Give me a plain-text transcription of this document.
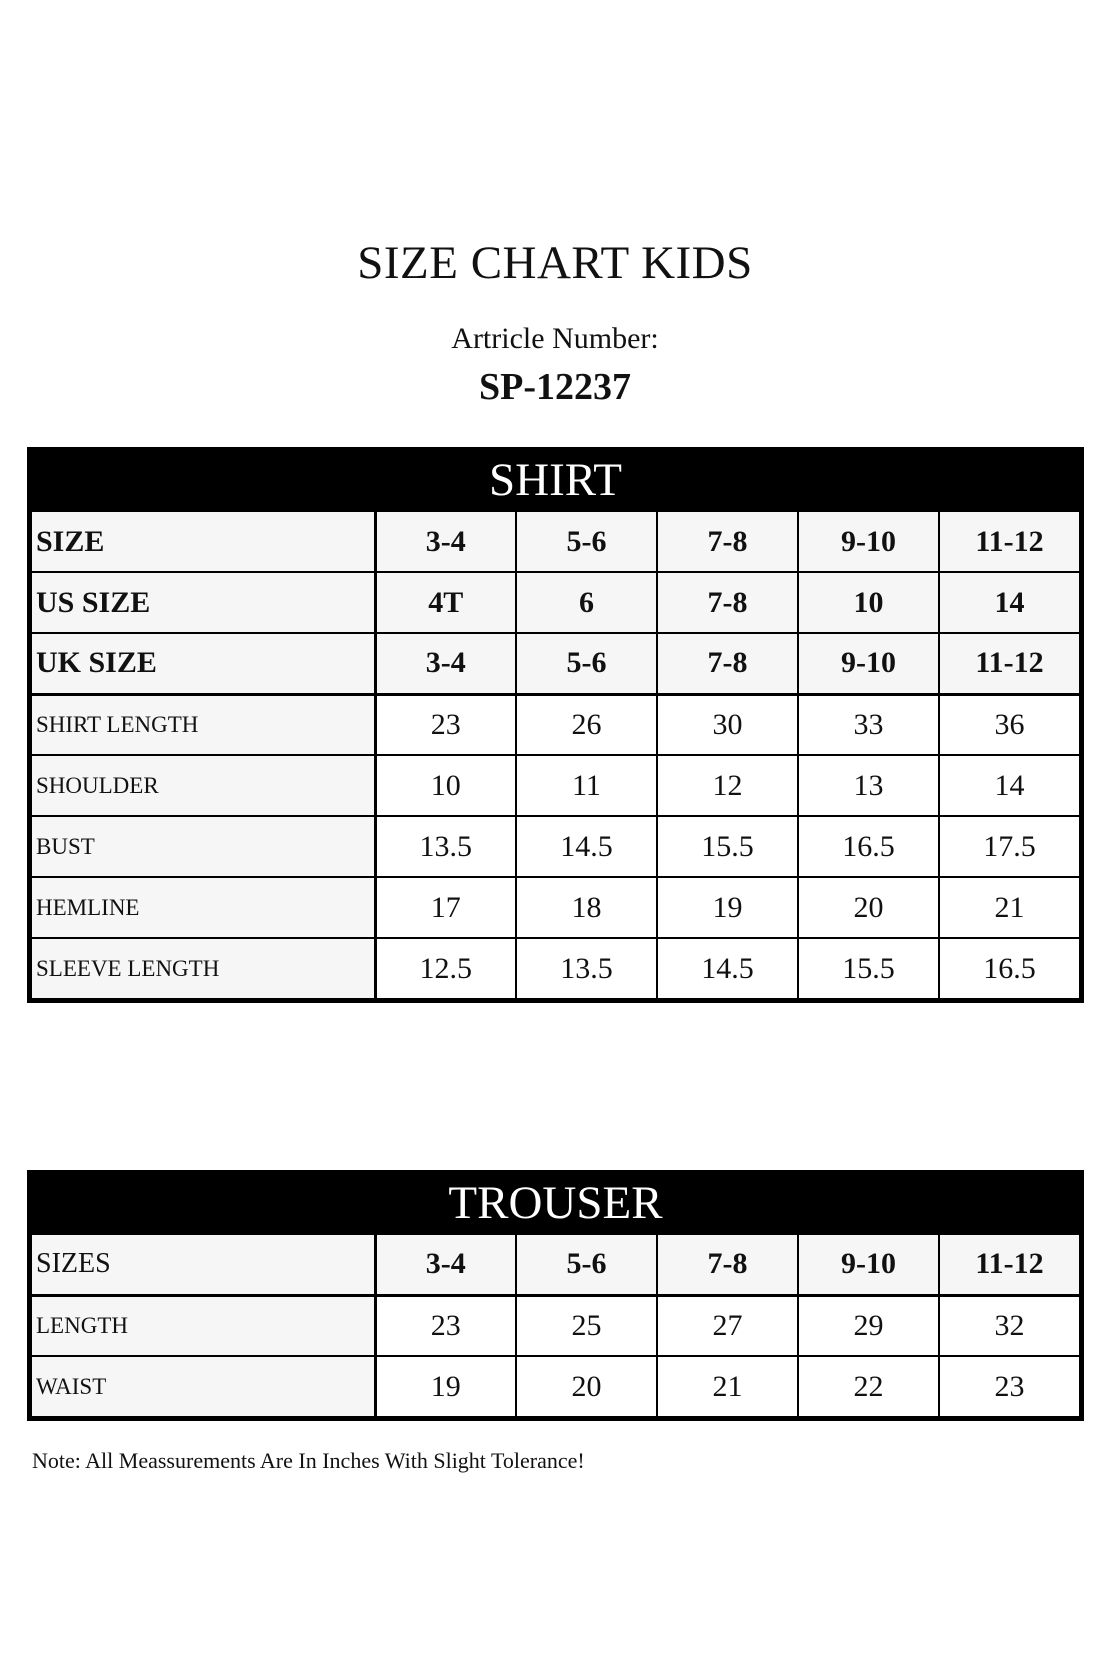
SIZE CHART KIDS
Artricle Number:
SP-12237
SHIRT
SIZE	3-4	5-6	7-8	9-10	11-12
US SIZE	4T	6	7-8	10	14
UK SIZE	3-4	5-6	7-8	9-10	11-12
SHIRT LENGTH	23	26	30	33	36
SHOULDER	10	11	12	13	14
BUST	13.5	14.5	15.5	16.5	17.5
HEMLINE	17	18	19	20	21
SLEEVE LENGTH	12.5	13.5	14.5	15.5	16.5
TROUSER
SIZES	3-4	5-6	7-8	9-10	11-12
LENGTH	23	25	27	29	32
WAIST	19	20	21	22	23
Note: All Meassurements Are In Inches With Slight Tolerance!
